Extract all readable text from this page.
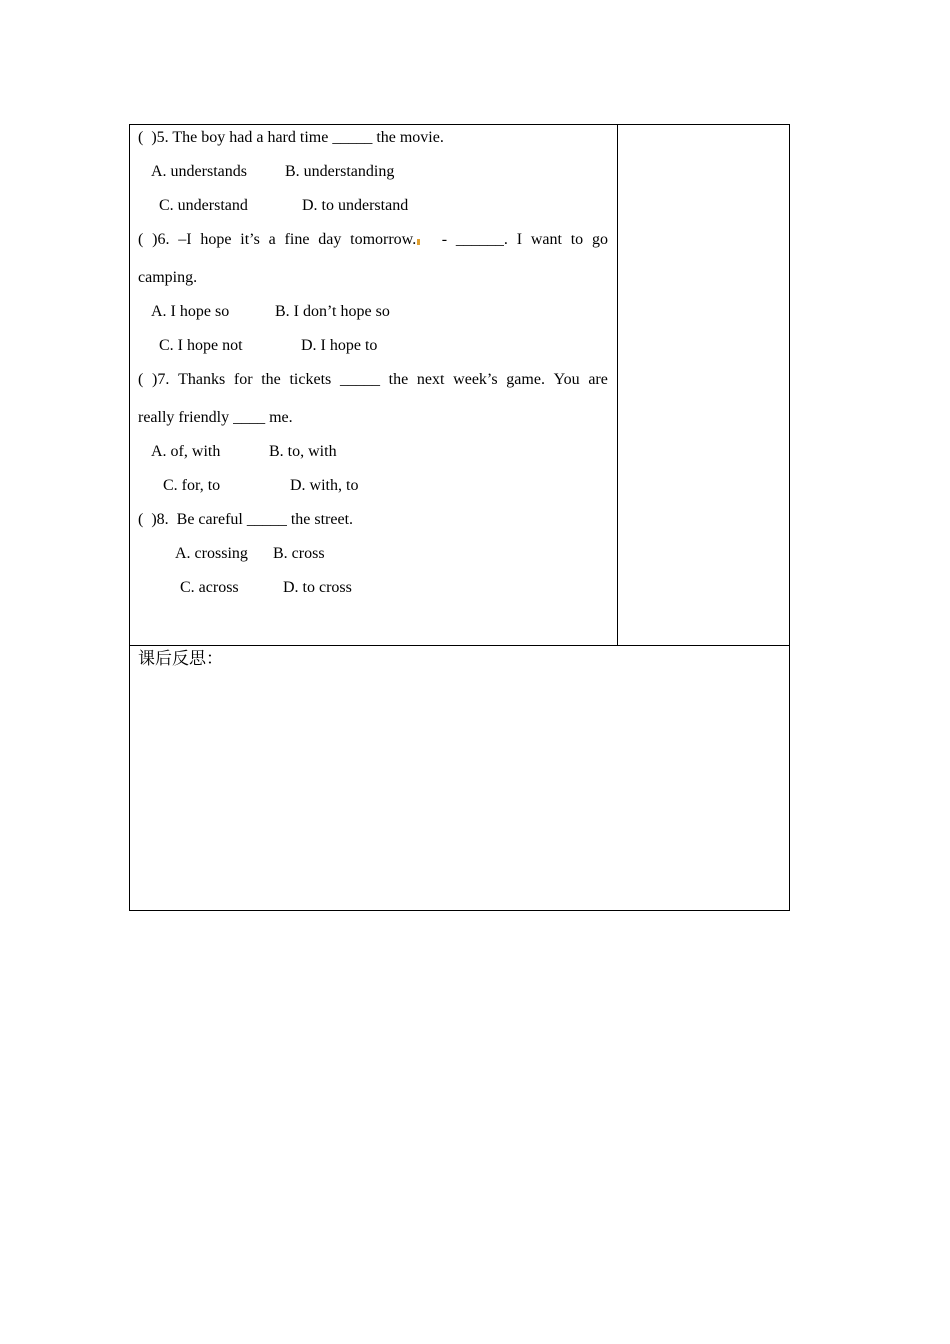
(  )5. The boy had a hard time _____ the movie.
A. understands B. understanding
C. understand	D. to understand
( )6. –I hope it’s a fine day tomorrow.
- ______. I want to go
camping.
A. I hope so	B. I don’t hope so
C. I hope not	D. I hope to
( )7. Thanks for the tickets _____ the next week’s game. You are
really friendly ____ me.
A. of, with	B. to, with
C. for, to	D. with, to
(  )8.  Be careful _____ the street.
A. crossing B. cross
C. across	D. to cross
课后反思：
